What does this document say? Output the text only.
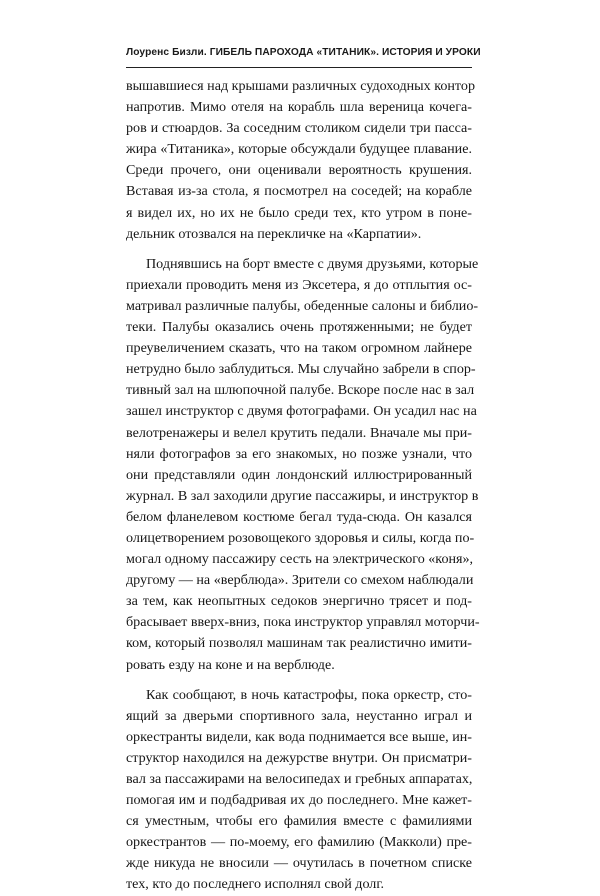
Лоуренс Бизли. ГИБЕЛЬ ПАРОХОДА «ТИТАНИК». ИСТОРИЯ И УРОКИ
вышавшиеся над крышами различных судоходных контор
напротив. Мимо отеля на корабль шла вереница кочега-
ров и стюардов. За соседним столиком сидели три пасса-
жира «Титаника», которые обсуждали будущее плавание.
Среди прочего, они оценивали вероятность крушения.
Вставая из-за стола, я посмотрел на соседей; на корабле
я видел их, но их не было среди тех, кто утром в поне-
дельник отозвался на перекличке на «Карпатии».
Поднявшись на борт вместе с двумя друзьями, которые
приехали проводить меня из Эксетера, я до отплытия ос-
матривал различные палубы, обеденные салоны и библио-
теки. Палубы оказались очень протяженными; не будет
преувеличением сказать, что на таком огромном лайнере
нетрудно было заблудиться. Мы случайно забрели в спор-
тивный зал на шлюпочной палубе. Вскоре после нас в зал
зашел инструктор с двумя фотографами. Он усадил нас на
велотренажеры и велел крутить педали. Вначале мы при-
няли фотографов за его знакомых, но позже узнали, что
они представляли один лондонский иллюстрированный
журнал. В зал заходили другие пассажиры, и инструктор в
белом фланелевом костюме бегал туда-сюда. Он казался
олицетворением розовощекого здоровья и силы, когда по-
могал одному пассажиру сесть на электрического «коня»,
другому — на «верблюда». Зрители со смехом наблюдали
за тем, как неопытных седоков энергично трясет и под-
брасывает вверх-вниз, пока инструктор управлял моторчи-
ком, который позволял машинам так реалистично имити-
ровать езду на коне и на верблюде.
Как сообщают, в ночь катастрофы, пока оркестр, сто-
ящий за дверьми спортивного зала, неустанно играл и
оркестранты видели, как вода поднимается все выше, ин-
структор находился на дежурстве внутри. Он присматри-
вал за пассажирами на велосипедах и гребных аппаратах,
помогая им и подбадривая их до последнего. Мне кажет-
ся уместным, чтобы его фамилия вместе с фамилиями
оркестрантов — по-моему, его фамилию (Макколи) пре-
жде никуда не вносили — очутилась в почетном списке
тех, кто до последнего исполнял свой долг.
